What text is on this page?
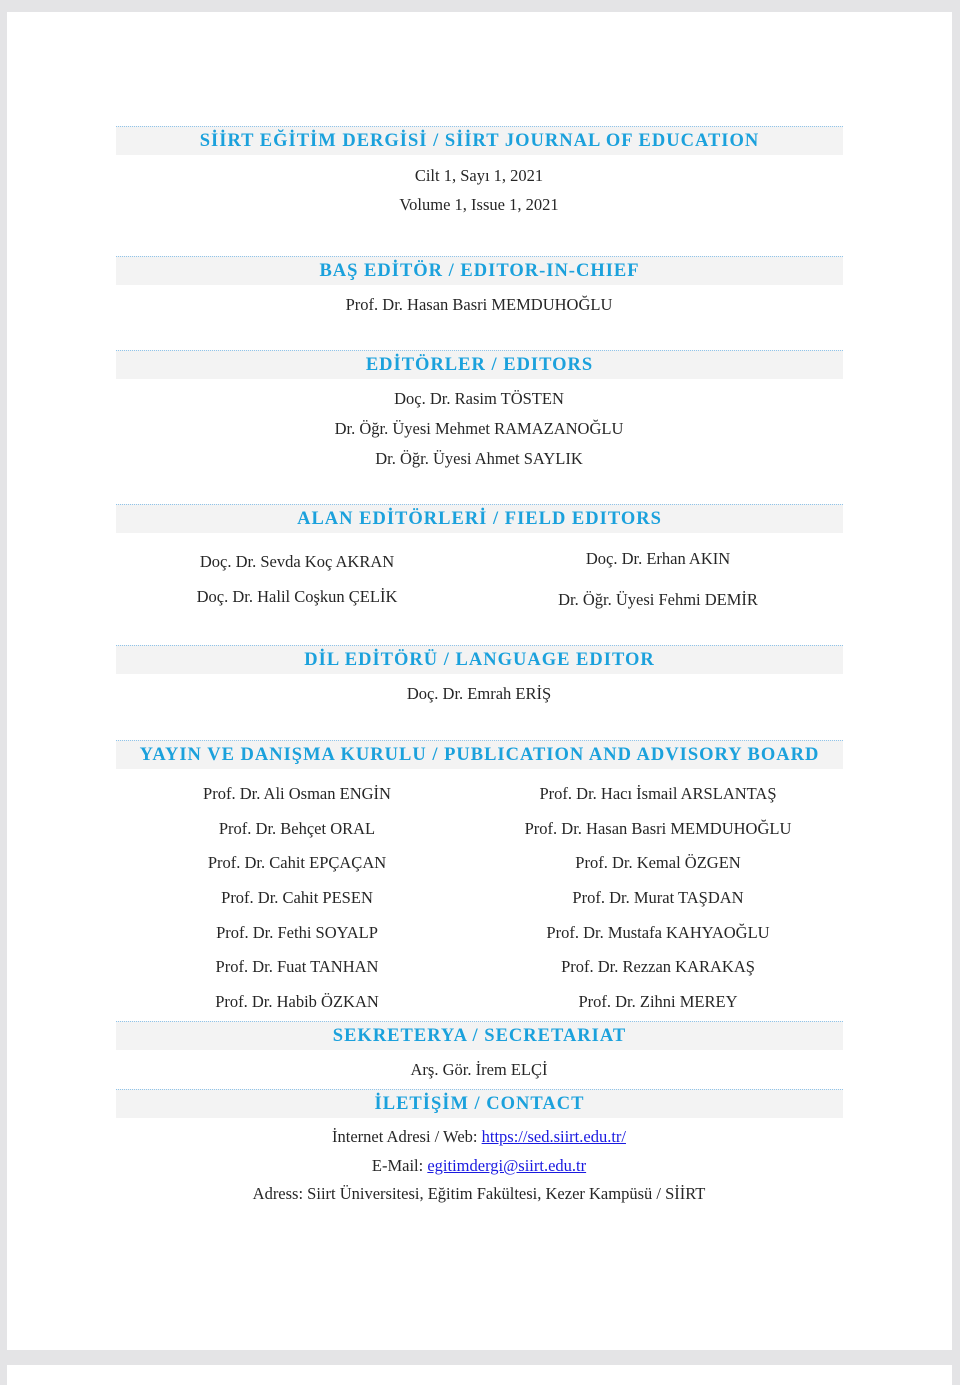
SİİRT EĞİTİM DERGİSİ / SİİRT JOURNAL OF EDUCATION
Cilt 1, Sayı 1, 2021
Volume 1, Issue 1, 2021
BAŞ EDİTÖR / EDITOR-IN-CHIEF
Prof. Dr. Hasan Basri MEMDUHOĞLU
EDİTÖRLER / EDITORS
Doç. Dr. Rasim TÖSTEN
Dr. Öğr. Üyesi Mehmet RAMAZANOĞLU
Dr. Öğr. Üyesi Ahmet SAYLIK
ALAN EDİTÖRLERİ / FIELD EDITORS
Doç. Dr. Sevda Koç AKRAN
Doç. Dr. Halil Coşkun ÇELİK
Doç. Dr. Erhan AKIN
Dr. Öğr. Üyesi Fehmi DEMİR
DİL EDİTÖRÜ / LANGUAGE EDITOR
Doç. Dr. Emrah ERİŞ
YAYIN VE DANIŞMA KURULU / PUBLICATION AND ADVISORY BOARD
Prof. Dr. Ali Osman ENGİN
Prof. Dr. Behçet ORAL
Prof. Dr. Cahit EPÇAÇAN
Prof. Dr. Cahit PESEN
Prof. Dr. Fethi SOYALP
Prof. Dr. Fuat TANHAN
Prof. Dr. Habib ÖZKAN
Prof. Dr. Hacı İsmail ARSLANTAŞ
Prof. Dr. Hasan Basri MEMDUHOĞLU
Prof. Dr. Kemal ÖZGEN
Prof. Dr. Murat TAŞDAN
Prof. Dr. Mustafa KAHYAOĞLU
Prof. Dr. Rezzan KARAKAŞ
Prof. Dr. Zihni MEREY
SEKRETERYA / SECRETARIAT
Arş. Gör. İrem ELÇİ
İLETİŞİM / CONTACT
İnternet Adresi / Web: https://sed.siirt.edu.tr/
E-Mail: egitimdergi@siirt.edu.tr
Adress: Siirt Üniversitesi, Eğitim Fakültesi, Kezer Kampüsü / SİİRT
